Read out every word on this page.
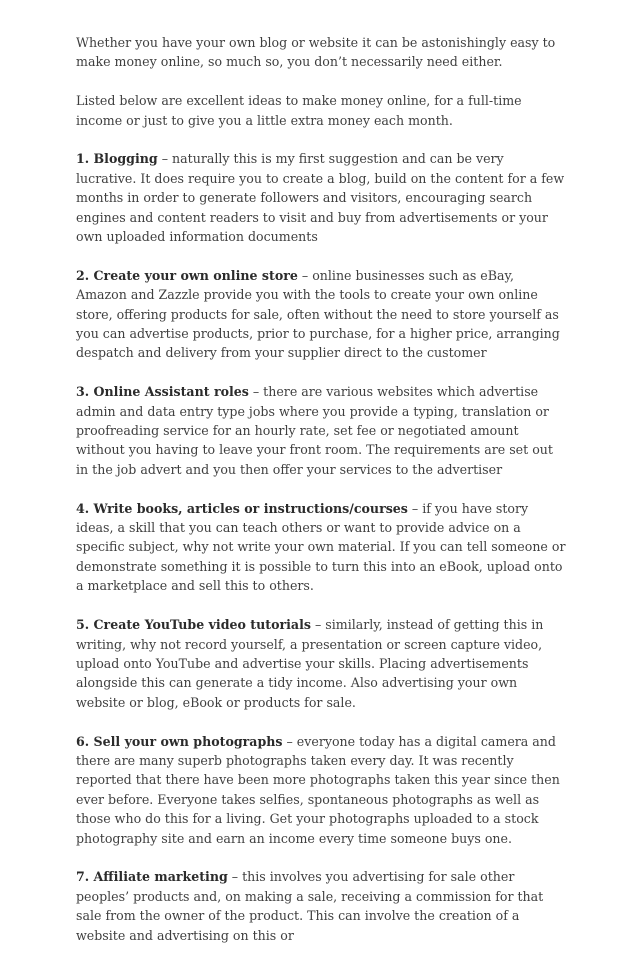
Whether you have your own blog or website it can be astonishingly easy to make money online, so much so, you don’t necessarily need either.

Listed below are excellent ideas to make money online, for a full-time income or just to give you a little extra money each month.

1. Blogging – naturally this is my first suggestion and can be very lucrative. It does require you to create a blog, build on the content for a few months in order to generate followers and visitors, encouraging search engines and content readers to visit and buy from advertisements or your own uploaded information documents

2. Create your own online store – online businesses such as eBay, Amazon and Zazzle provide you with the tools to create your own online store, offering products for sale, often without the need to store yourself as you can advertise products, prior to purchase, for a higher price, arranging despatch and delivery from your supplier direct to the customer

3. Online Assistant roles – there are various websites which advertise admin and data entry type jobs where you provide a typing, translation or proofreading service for an hourly rate, set fee or negotiated amount without you having to leave your front room. The requirements are set out in the job advert and you then offer your services to the advertiser

4. Write books, articles or instructions/courses – if you have story ideas, a skill that you can teach others or want to provide advice on a specific subject, why not write your own material. If you can tell someone or demonstrate something it is possible to turn this into an eBook, upload onto a marketplace and sell this to others.

5. Create YouTube video tutorials – similarly, instead of getting this in writing, why not record yourself, a presentation or screen capture video, upload onto YouTube and advertise your skills. Placing advertisements alongside this can generate a tidy income. Also advertising your own website or blog, eBook or products for sale.

6. Sell your own photographs – everyone today has a digital camera and there are many superb photographs taken every day. It was recently reported that there have been more photographs taken this year since then ever before. Everyone takes selfies, spontaneous photographs as well as those who do this for a living. Get your photographs uploaded to a stock photography site and earn an income every time someone buys one.

7. Affiliate marketing – this involves you advertising for sale other peoples’ products and, on making a sale, receiving a commission for that sale from the owner of the product. This can involve the creation of a website and advertising on this or
